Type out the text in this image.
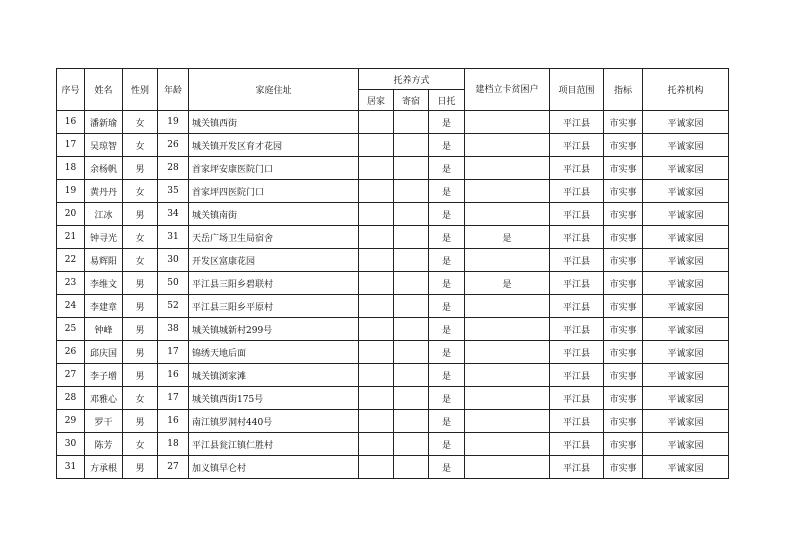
序号	姓名	性别	年龄	家庭住址	托养方式			建档立卡贫困户	项目范围	指标	托养机构
					居家	寄宿	日托				
16	潘新瑜	女	19	城关镇西街			是		平江县	市实事	平诚家园
17	吴琼智	女	26	城关镇开发区育才花园			是		平江县	市实事	平诚家园
18	余杨帆	男	28	首家坪安康医院门口			是		平江县	市实事	平诚家园
19	黄丹丹	女	35	首家坪四医院门口			是		平江县	市实事	平诚家园
20	江冰	男	34	城关镇南街			是		平江县	市实事	平诚家园
21	钟寻光	女	31	天岳广场卫生局宿舍			是	是	平江县	市实事	平诚家园
22	易辉阳	女	30	开发区富康花园			是		平江县	市实事	平诚家园
23	李维文	男	50	平江县三阳乡碧联村			是	是	平江县	市实事	平诚家园
24	李建章	男	52	平江县三阳乡平原村			是		平江县	市实事	平诚家园
25	钟峰	男	38	城关镇城新村299号			是		平江县	市实事	平诚家园
26	邱庆国	男	17	锦绣天地后面			是		平江县	市实事	平诚家园
27	李子增	男	16	城关镇浏家滩			是		平江县	市实事	平诚家园
28	邓雅心	女	17	城关镇西街175号			是		平江县	市实事	平诚家园
29	罗干	男	16	南江镇罗洞村440号			是		平江县	市实事	平诚家园
30	陈芳	女	18	平江县瓮江镇仁胜村			是		平江县	市实事	平诚家园
31	方承根	男	27	加义镇早仑村			是		平江县	市实事	平诚家园
